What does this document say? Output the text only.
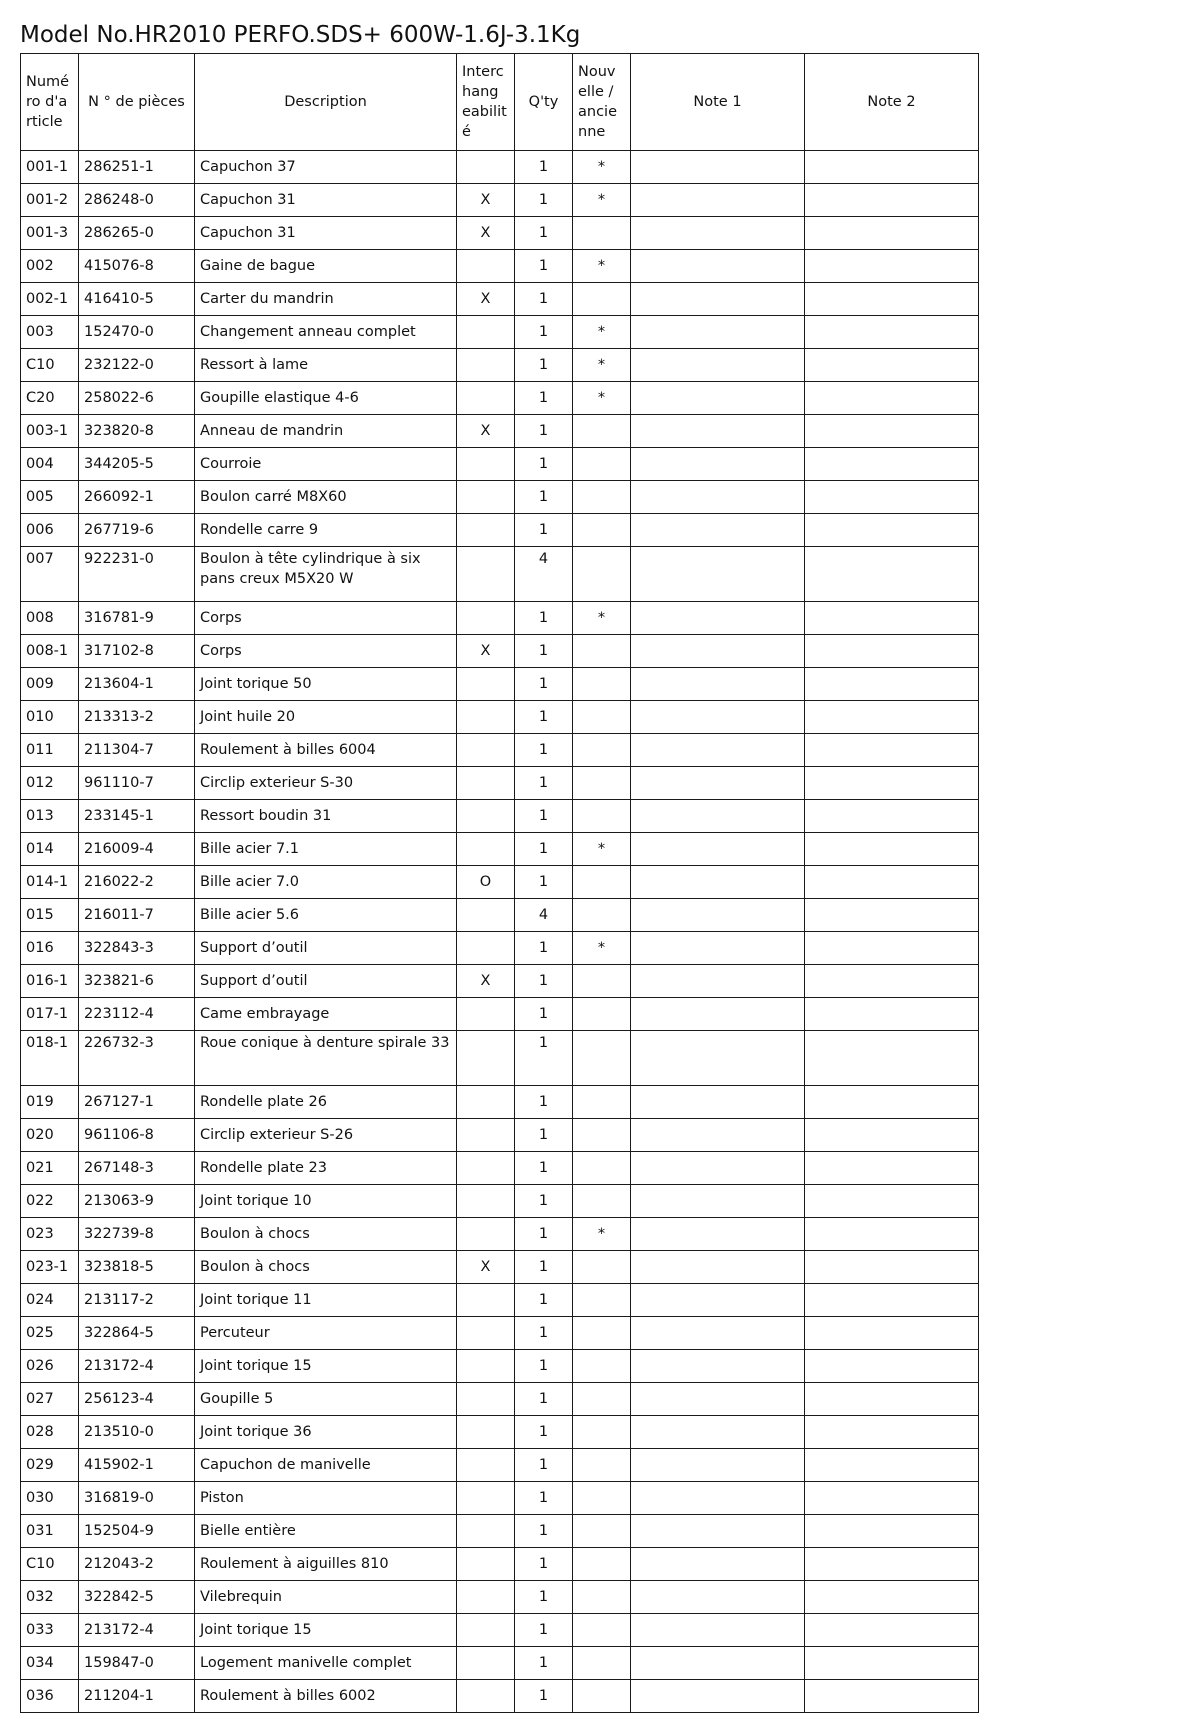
Model No.HR2010 PERFO.SDS+ 600W-1.6J-3.1Kg
Numé ro d'a rticle	N ° de pièces	Description	Interc hang eabilit é	Q'ty	Nouv elle / ancie nne	Note 1	Note 2
001-1	286251-1	Capuchon 37		1	*		
001-2	286248-0	Capuchon 31	X	1	*		
001-3	286265-0	Capuchon 31	X	1			
002	415076-8	Gaine de bague		1	*		
002-1	416410-5	Carter du mandrin	X	1			
003	152470-0	Changement anneau complet		1	*		
C10	232122-0	Ressort à lame		1	*		
C20	258022-6	Goupille elastique 4-6		1	*		
003-1	323820-8	Anneau de mandrin	X	1			
004	344205-5	Courroie		1			
005	266092-1	Boulon carré M8X60		1			
006	267719-6	Rondelle carre 9		1			
007	922231-0	Boulon à tête cylindrique à six pans creux M5X20 W		4			
008	316781-9	Corps		1	*		
008-1	317102-8	Corps	X	1			
009	213604-1	Joint torique 50		1			
010	213313-2	Joint huile 20		1			
011	211304-7	Roulement à billes 6004		1			
012	961110-7	Circlip exterieur S-30		1			
013	233145-1	Ressort boudin 31		1			
014	216009-4	Bille acier 7.1		1	*		
014-1	216022-2	Bille acier 7.0	O	1			
015	216011-7	Bille acier 5.6		4			
016	322843-3	Support d’outil		1	*		
016-1	323821-6	Support d’outil	X	1			
017-1	223112-4	Came embrayage		1			
018-1	226732-3	Roue conique à denture spirale 33		1			
019	267127-1	Rondelle plate 26		1			
020	961106-8	Circlip exterieur S-26		1			
021	267148-3	Rondelle plate 23		1			
022	213063-9	Joint torique 10		1			
023	322739-8	Boulon à chocs		1	*		
023-1	323818-5	Boulon à chocs	X	1			
024	213117-2	Joint torique 11		1			
025	322864-5	Percuteur		1			
026	213172-4	Joint torique 15		1			
027	256123-4	Goupille 5		1			
028	213510-0	Joint torique 36		1			
029	415902-1	Capuchon de manivelle		1			
030	316819-0	Piston		1			
031	152504-9	Bielle entière		1			
C10	212043-2	Roulement à aiguilles 810		1			
032	322842-5	Vilebrequin		1			
033	213172-4	Joint torique 15		1			
034	159847-0	Logement manivelle complet		1			
036	211204-1	Roulement à billes 6002		1			
